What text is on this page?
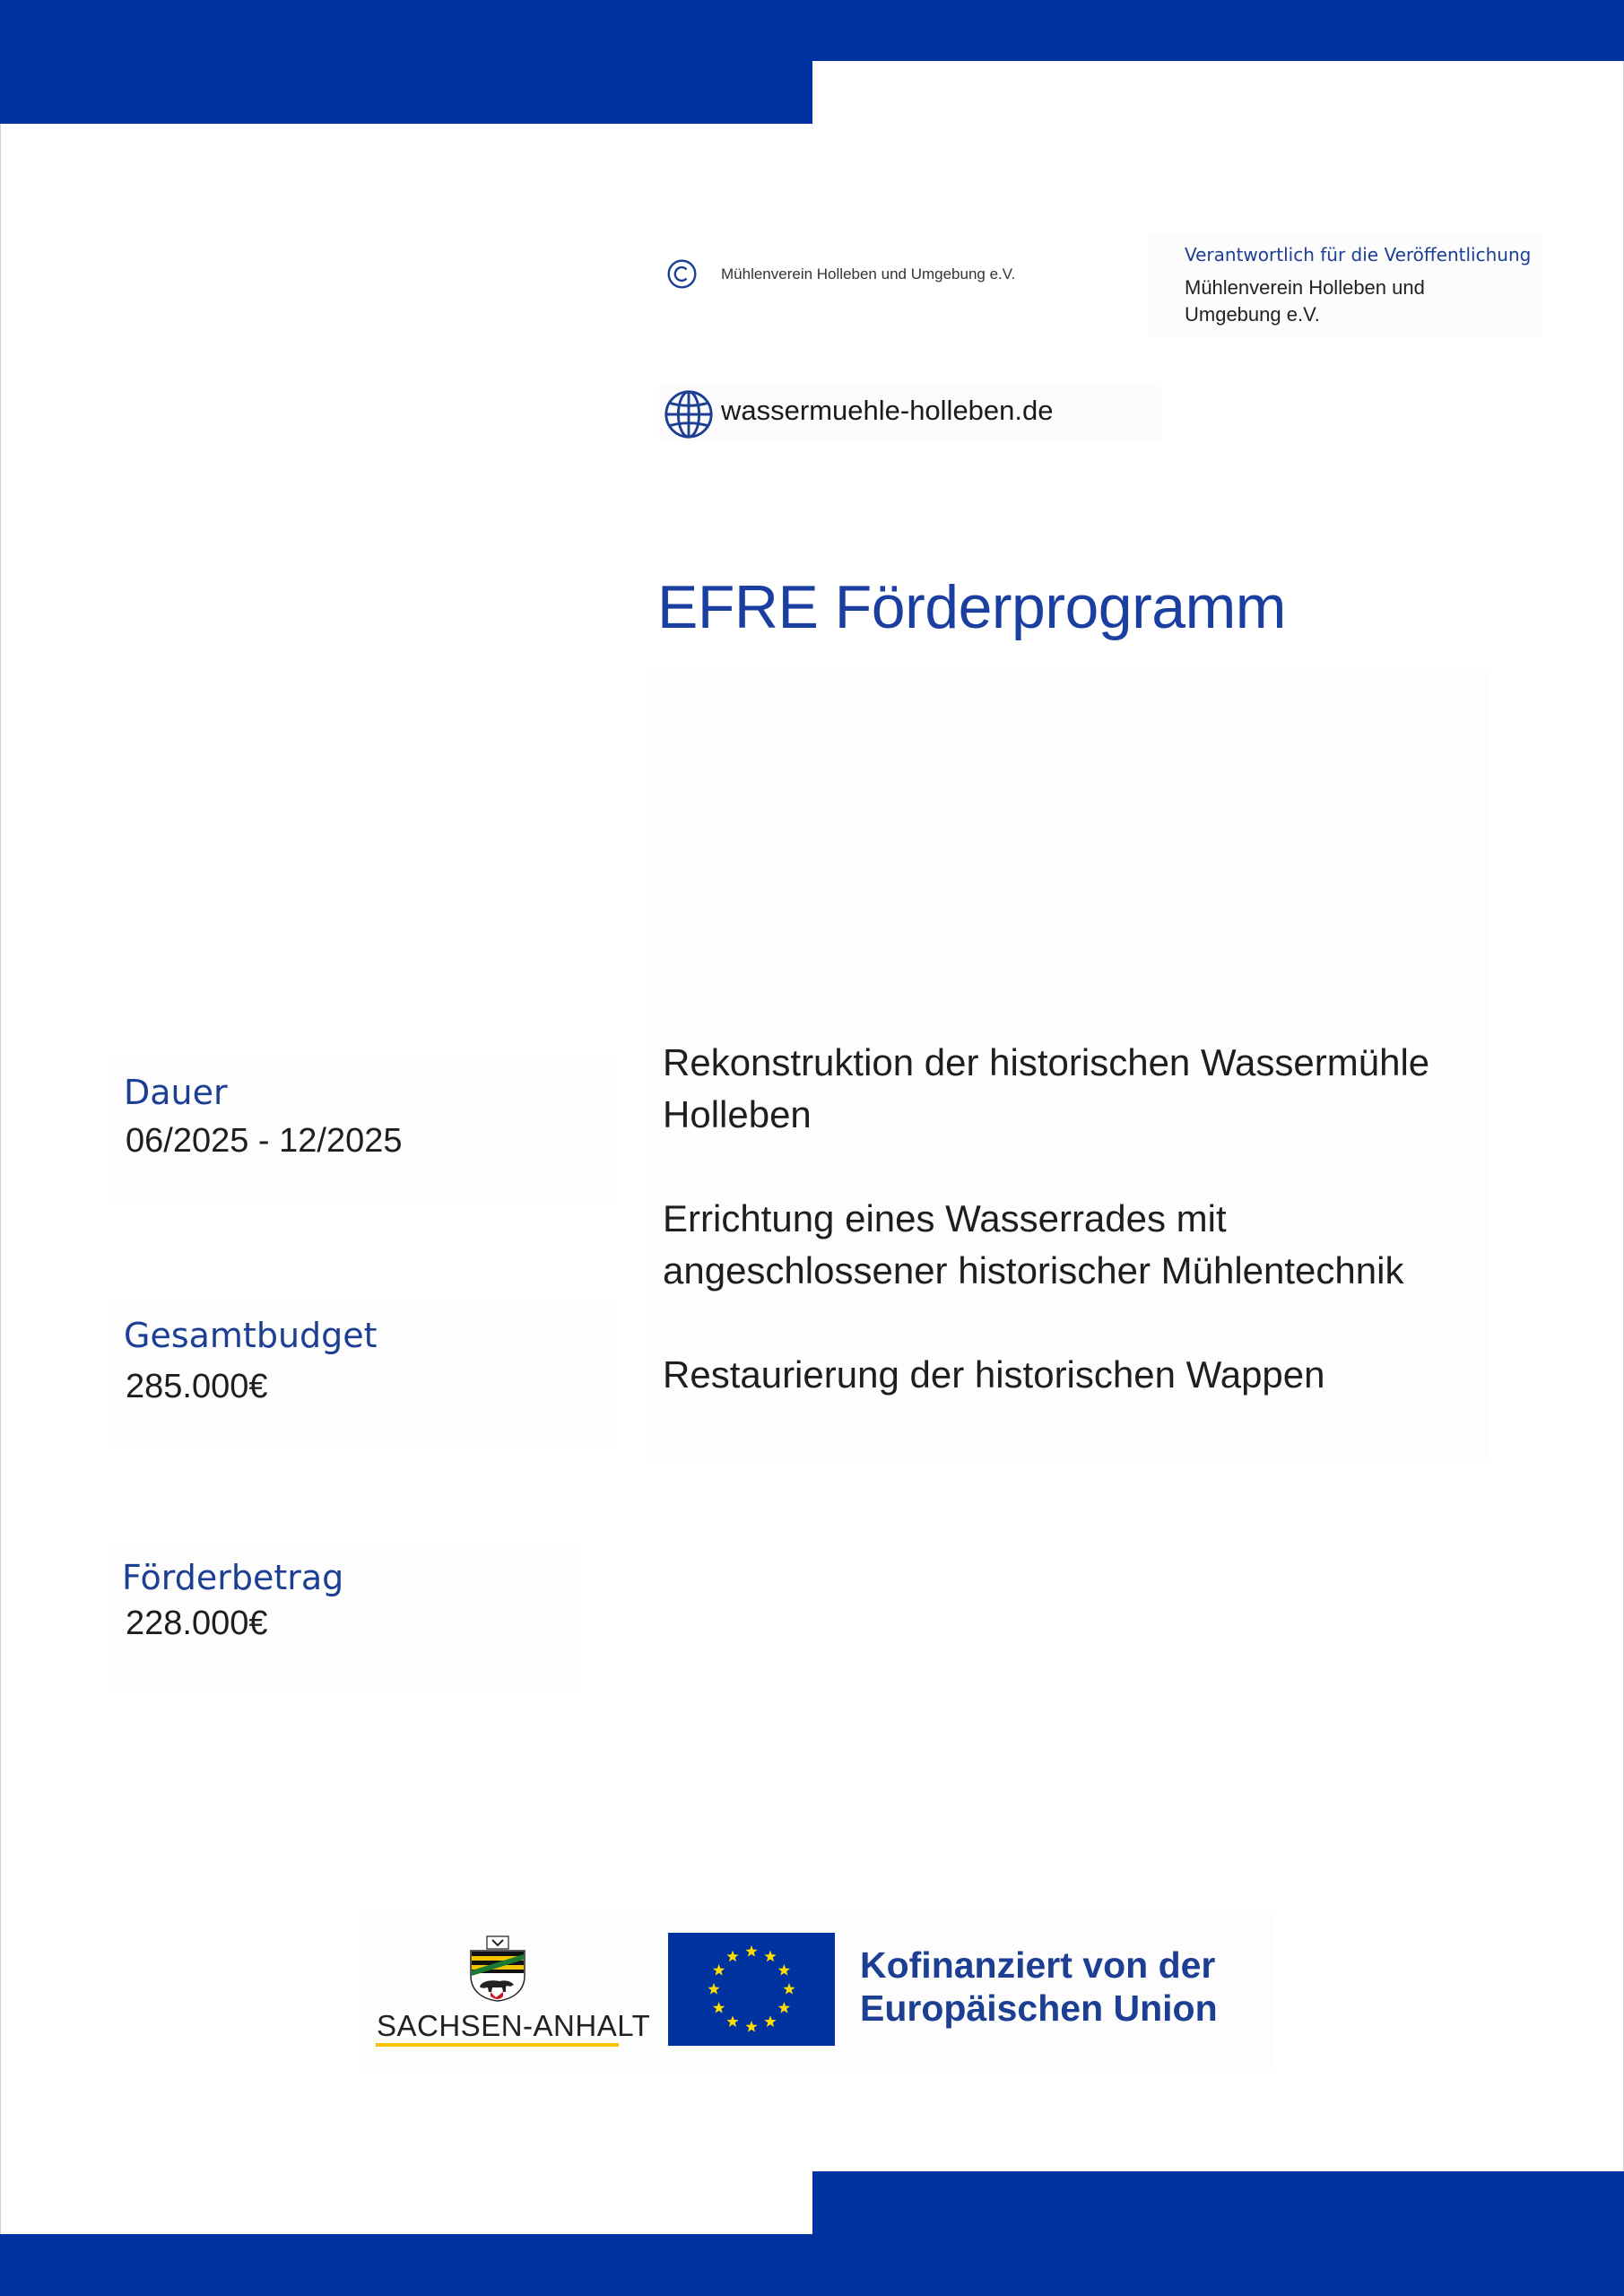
Mühlenverein Holleben und Umgebung e.V.
Verantwortlich für die Veröffentlichung
Mühlenverein Holleben und Umgebung e.V.
wassermuehle-holleben.de
EFRE Förderprogramm
Rekonstruktion der historischen Wassermühle Holleben
Errichtung eines Wasserrades mit angeschlossener historischer Mühlentechnik
Restaurierung der historischen Wappen
Dauer
06/2025 - 12/2025
Gesamtbudget
285.000€
Förderbetrag
228.000€
SACHSEN-ANHALT
Kofinanziert von der
Europäischen Union
